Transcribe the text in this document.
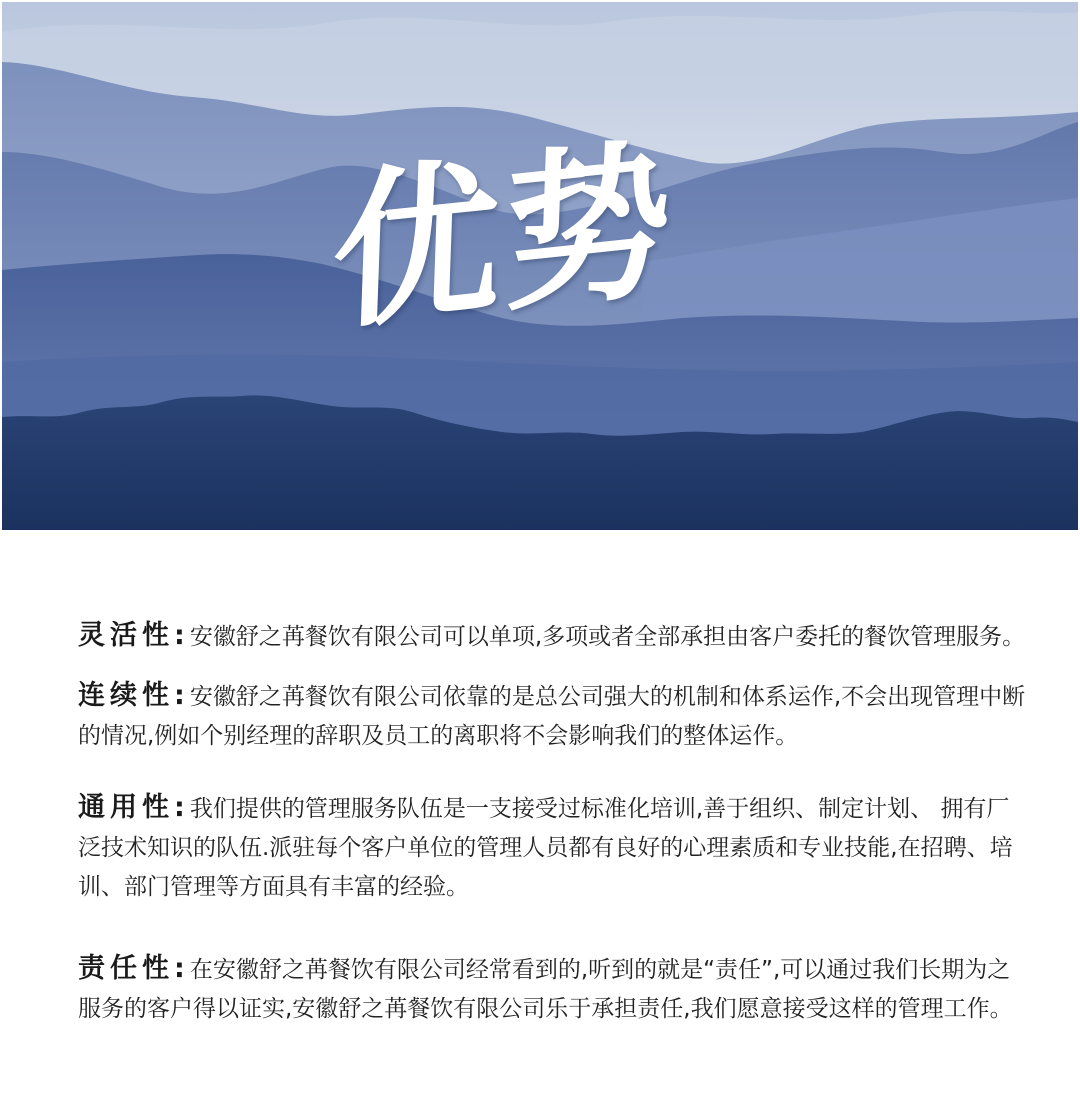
优势

灵活性:安徽舒之苒餐饮有限公司可以单项,多项或者全部承担由客户委托的餐饮管理服务。

连续性:安徽舒之苒餐饮有限公司依靠的是总公司强大的机制和体系运作,不会出现管理中断的情况,例如个别经理的辞职及员工的离职将不会影响我们的整体运作。

通用性:我们提供的管理服务队伍是一支接受过标准化培训,善于组织、制定计划、 拥有厂泛技术知识的队伍.派驻每个客户单位的管理人员都有良好的心理素质和专业技能,在招聘、培训、部门管理等方面具有丰富的经验。

责任性:在安徽舒之苒餐饮有限公司经常看到的,听到的就是“责任”,可以通过我们长期为之服务的客户得以证实,安徽舒之苒餐饮有限公司乐于承担责任,我们愿意接受这样的管理工作。
